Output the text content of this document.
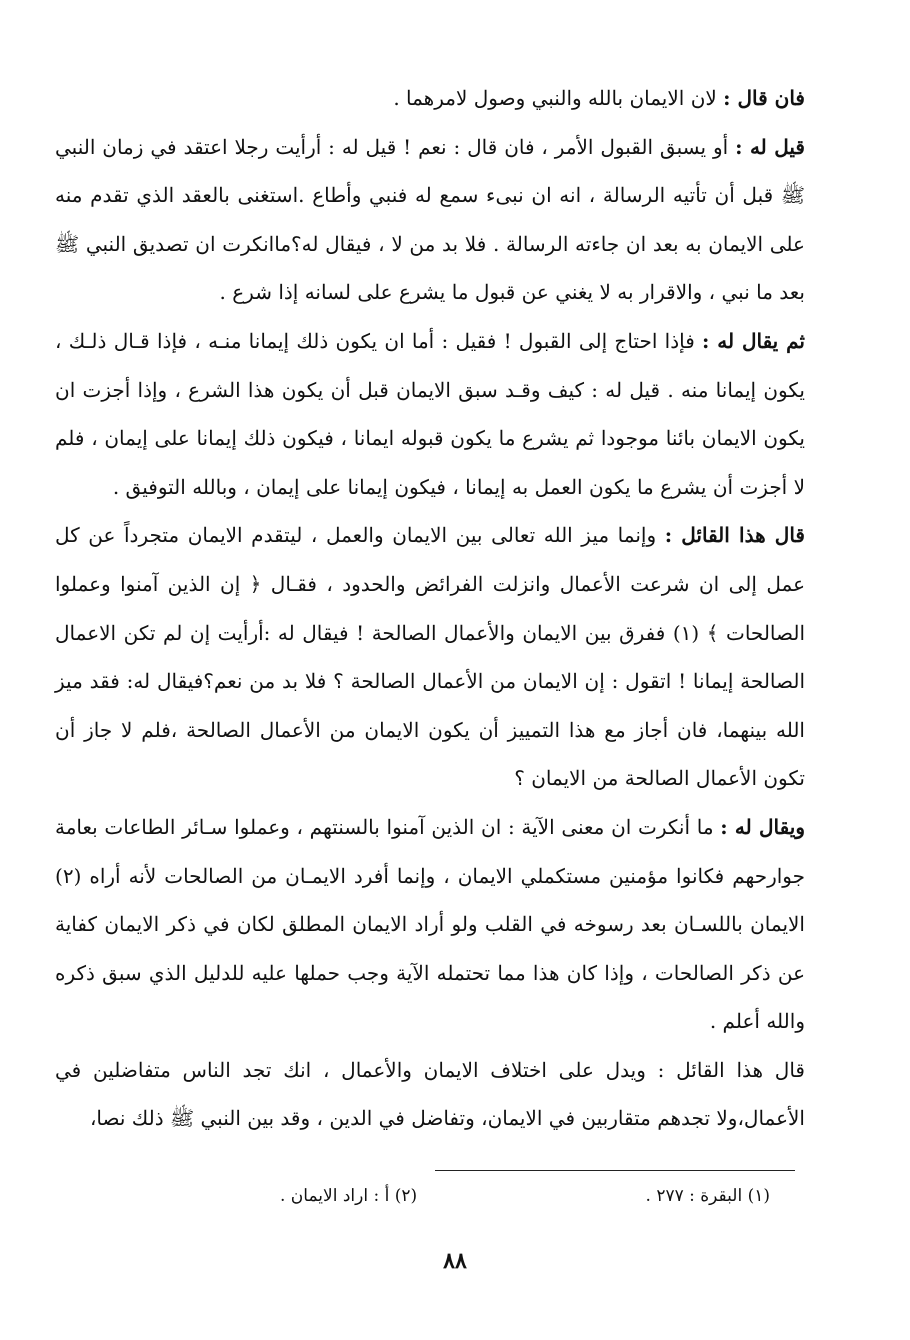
فان قال : لان الايمان بالله والنبي وصول لامرهما .

قيل له : أو يسبق القبول الأمر ، فان قال : نعم ! قيل له : أرأيت رجلا اعتقد في زمان النبي ﷺ قبل أن تأتيه الرسالة ، انه ان نبىء سمع له فنبي وأطاع .استغنى بالعقد الذي تقدم منه على الايمان به بعد ان جاءته الرسالة . فلا بد من لا ، فيقال له؟ماانكرت ان تصديق النبي ﷺ بعد ما نبي ، والاقرار به لا يغني عن قبول ما يشرع على لسانه إذا شرع .

ثم يقال له : فإذا احتاج إلى القبول ! فقيل : أما ان يكون ذلك إيمانا منـه ، فإذا قـال ذلـك ، يكون إيمانا منه . قيل له : كيف وقـد سبق الايمان قبل أن يكون هذا الشرع ، وإذا أجزت ان يكون الايمان بائنا موجودا ثم يشرع ما يكون قبوله ايمانا ، فيكون ذلك إيمانا على إيمان ، فلم لا أجزت أن يشرع ما يكون العمل به إيمانا ، فيكون إيمانا على إيمان ، وبالله التوفيق .

قال هذا القائل : وإنما ميز الله تعالى بين الايمان والعمل ، ليتقدم الايمان متجرداً عن كل عمل إلى ان شرعت الأعمال وانزلت الفرائض والحدود ، فقـال ﴿ إن الذين آمنوا وعملوا الصالحات ﴾ (١) ففرق بين الايمان والأعمال الصالحة ! فيقال له :أرأيت إن لم تكن الاعمال الصالحة إيمانا ! اتقول : إن الايمان من الأعمال الصالحة ؟ فلا بد من نعم؟فيقال له: فقد ميز الله بينهما، فان أجاز مع هذا التمييز أن يكون الايمان من الأعمال الصالحة ،فلم لا جاز أن تكون الأعمال الصالحة من الايمان ؟

ويقال له : ما أنكرت ان معنى الآية : ان الذين آمنوا بالسنتهم ، وعملوا سـائر الطاعات بعامة جوارحهم فكانوا مؤمنين مستكملي الايمان ، وإنما أفرد الايمـان من الصالحات لأنه أراه (٢) الايمان باللسـان بعد رسوخه في القلب ولو أراد الايمان المطلق لكان في ذكر الايمان كفاية عن ذكر الصالحات ، وإذا كان هذا مما تحتمله الآية وجب حملها عليه للدليل الذي سبق ذكره والله أعلم .

قال هذا القائل : ويدل على اختلاف الايمان والأعمال ، انك تجد الناس متفاضلين في الأعمال،ولا تجدهم متقاربين في الايمان، وتفاضل في الدين ، وقد بين النبي ﷺ ذلك نصا،

(١) البقرة : ٢٧٧ .
(٢) أ : اراد الايمان .
٨٨
